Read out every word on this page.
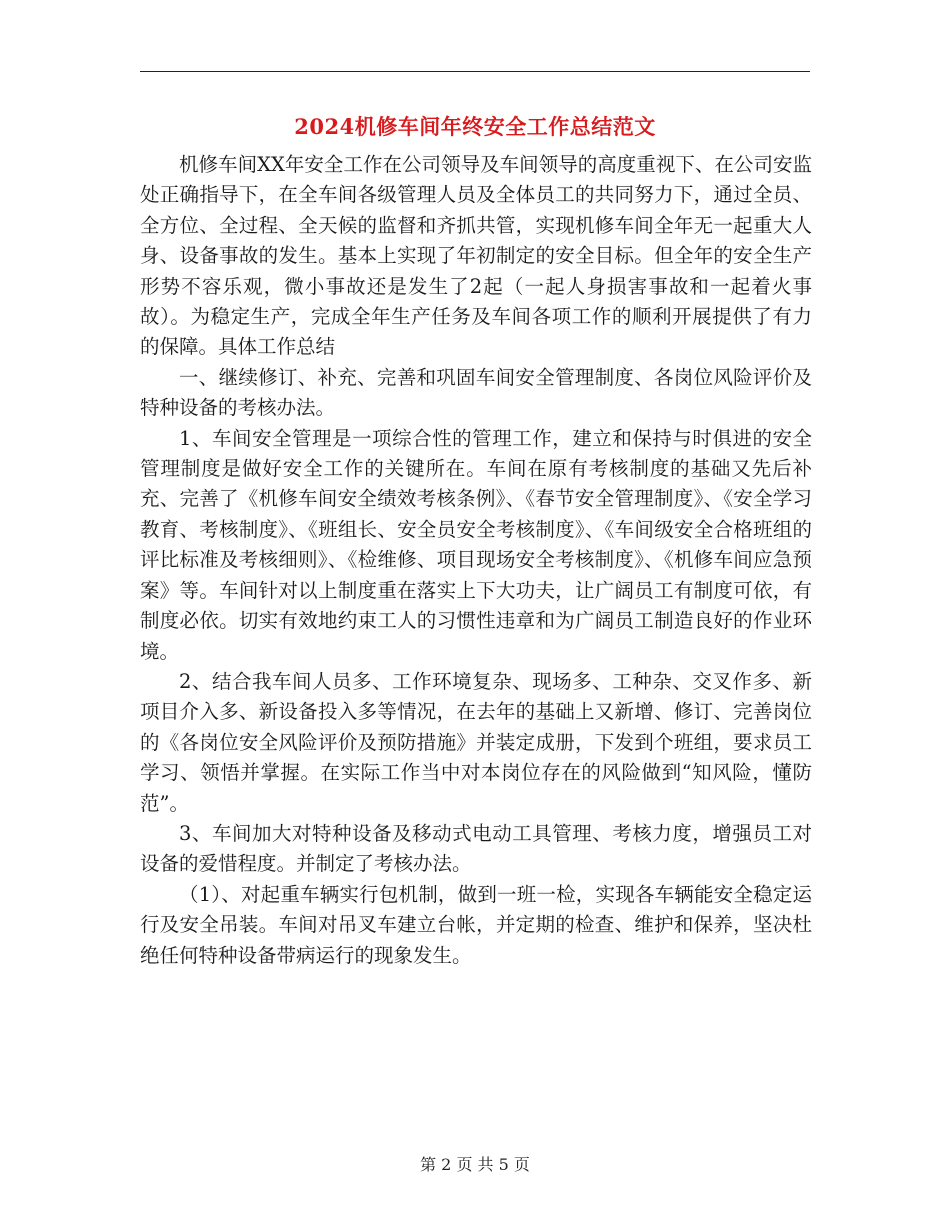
2024机修车间年终安全工作总结范文

机修车间XX年安全工作在公司领导及车间领导的高度重视下、在公司安监处正确指导下，在全车间各级管理人员及全体员工的共同努力下，通过全员、全方位、全过程、全天候的监督和齐抓共管，实现机修车间全年无一起重大人身、设备事故的发生。基本上实现了年初制定的安全目标。但全年的安全生产形势不容乐观，微小事故还是发生了2起（一起人身损害事故和一起着火事故）。为稳定生产，完成全年生产任务及车间各项工作的顺利开展提供了有力的保障。具体工作总结

一、继续修订、补充、完善和巩固车间安全管理制度、各岗位风险评价及特种设备的考核办法。

1、车间安全管理是一项综合性的管理工作，建立和保持与时俱进的安全管理制度是做好安全工作的关键所在。车间在原有考核制度的基础又先后补充、完善了《机修车间安全绩效考核条例》、《春节安全管理制度》、《安全学习教育、考核制度》、《班组长、安全员安全考核制度》、《车间级安全合格班组的评比标准及考核细则》、《检维修、项目现场安全考核制度》、《机修车间应急预案》等。车间针对以上制度重在落实上下大功夫，让广阔员工有制度可依，有制度必依。切实有效地约束工人的习惯性违章和为广阔员工制造良好的作业环境。

2、结合我车间人员多、工作环境复杂、现场多、工种杂、交叉作多、新项目介入多、新设备投入多等情况，在去年的基础上又新增、修订、完善岗位的《各岗位安全风险评价及预防措施》并装定成册，下发到个班组，要求员工学习、领悟并掌握。在实际工作当中对本岗位存在的风险做到“知风险，懂防范”。

3、车间加大对特种设备及移动式电动工具管理、考核力度，增强员工对设备的爱惜程度。并制定了考核办法。

（1）、对起重车辆实行包机制，做到一班一检，实现各车辆能安全稳定运行及安全吊装。车间对吊叉车建立台帐，并定期的检查、维护和保养，坚决杜绝任何特种设备带病运行的现象发生。

第 2 页 共 5 页
